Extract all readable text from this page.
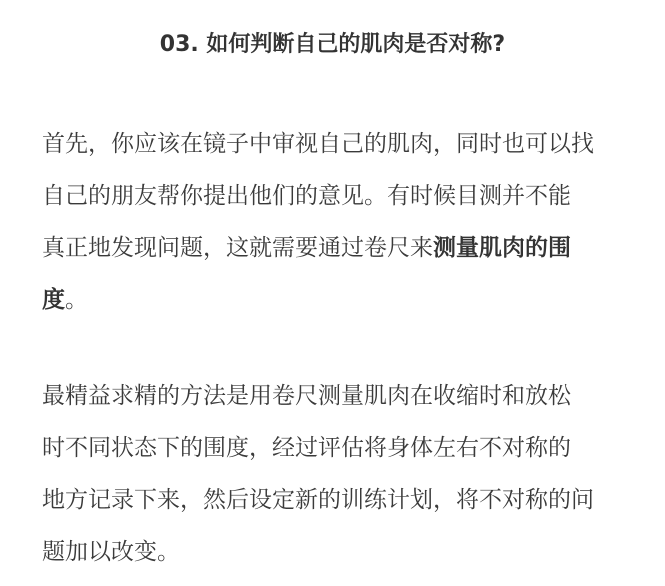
03. 如何判断自己的肌肉是否对称?
首先，你应该在镜子中审视自己的肌肉，同时也可以找
自己的朋友帮你提出他们的意见。有时候目测并不能
真正地发现问题，这就需要通过卷尺来测量肌肉的围
度。
最精益求精的方法是用卷尺测量肌肉在收缩时和放松
时不同状态下的围度，经过评估将身体左右不对称的
地方记录下来，然后设定新的训练计划，将不对称的问
题加以改变。
